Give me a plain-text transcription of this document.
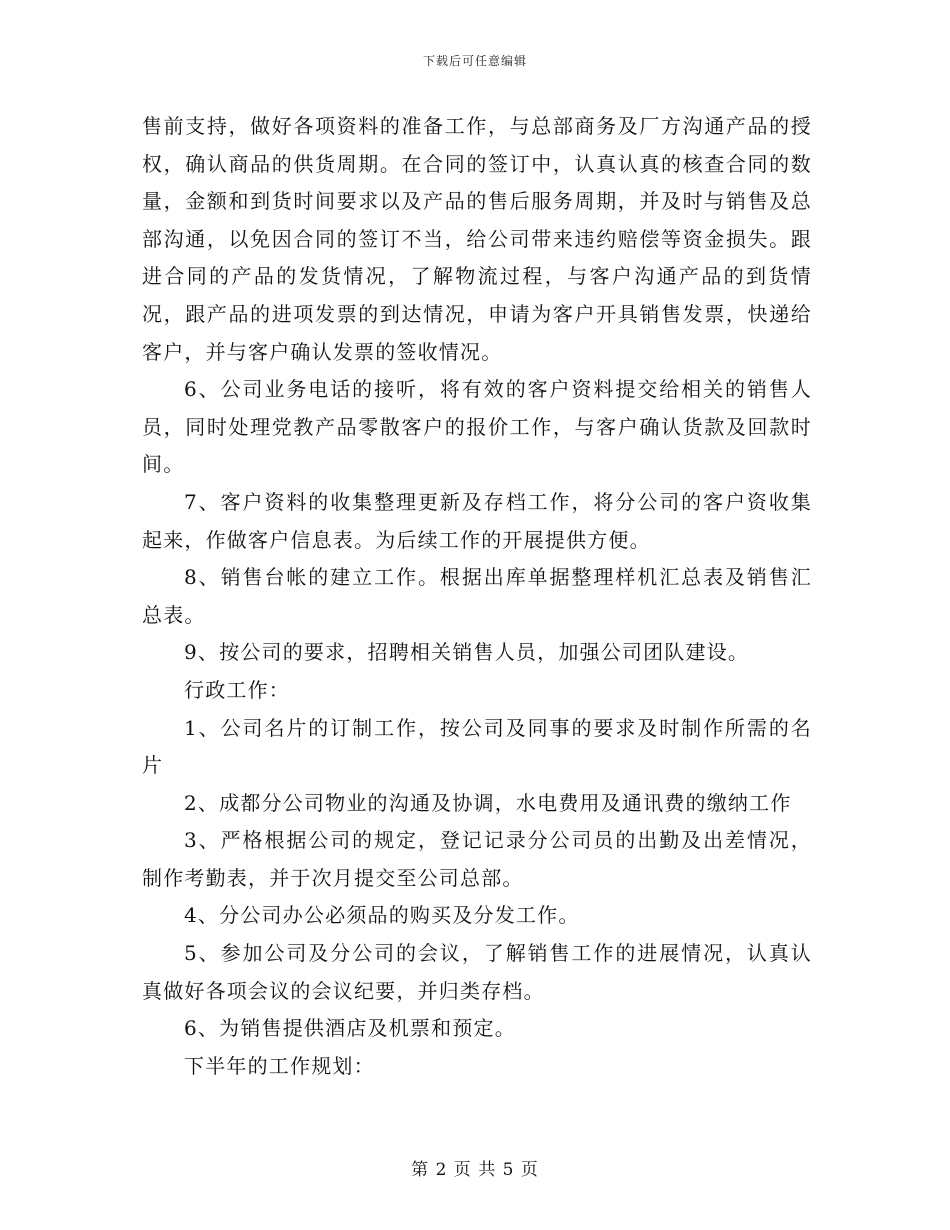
下载后可任意编辑

售前支持，做好各项资料的准备工作，与总部商务及厂方沟通产品的授权，确认商品的供货周期。在合同的签订中，认真认真的核查合同的数量，金额和到货时间要求以及产品的售后服务周期，并及时与销售及总部沟通，以免因合同的签订不当，给公司带来违约赔偿等资金损失。跟进合同的产品的发货情况，了解物流过程，与客户沟通产品的到货情况，跟产品的进项发票的到达情况，申请为客户开具销售发票，快递给客户，并与客户确认发票的签收情况。

6、公司业务电话的接听，将有效的客户资料提交给相关的销售人员，同时处理党教产品零散客户的报价工作，与客户确认货款及回款时间。

7、客户资料的收集整理更新及存档工作，将分公司的客户资收集起来，作做客户信息表。为后续工作的开展提供方便。

8、销售台帐的建立工作。根据出库单据整理样机汇总表及销售汇总表。

9、按公司的要求，招聘相关销售人员，加强公司团队建设。

行政工作：

1、公司名片的订制工作，按公司及同事的要求及时制作所需的名片

2、成都分公司物业的沟通及协调，水电费用及通讯费的缴纳工作

3、严格根据公司的规定，登记记录分公司员的出勤及出差情况，制作考勤表，并于次月提交至公司总部。

4、分公司办公必须品的购买及分发工作。

5、参加公司及分公司的会议，了解销售工作的进展情况，认真认真做好各项会议的会议纪要，并归类存档。

6、为销售提供酒店及机票和预定。

下半年的工作规划：

第 2 页 共 5 页
